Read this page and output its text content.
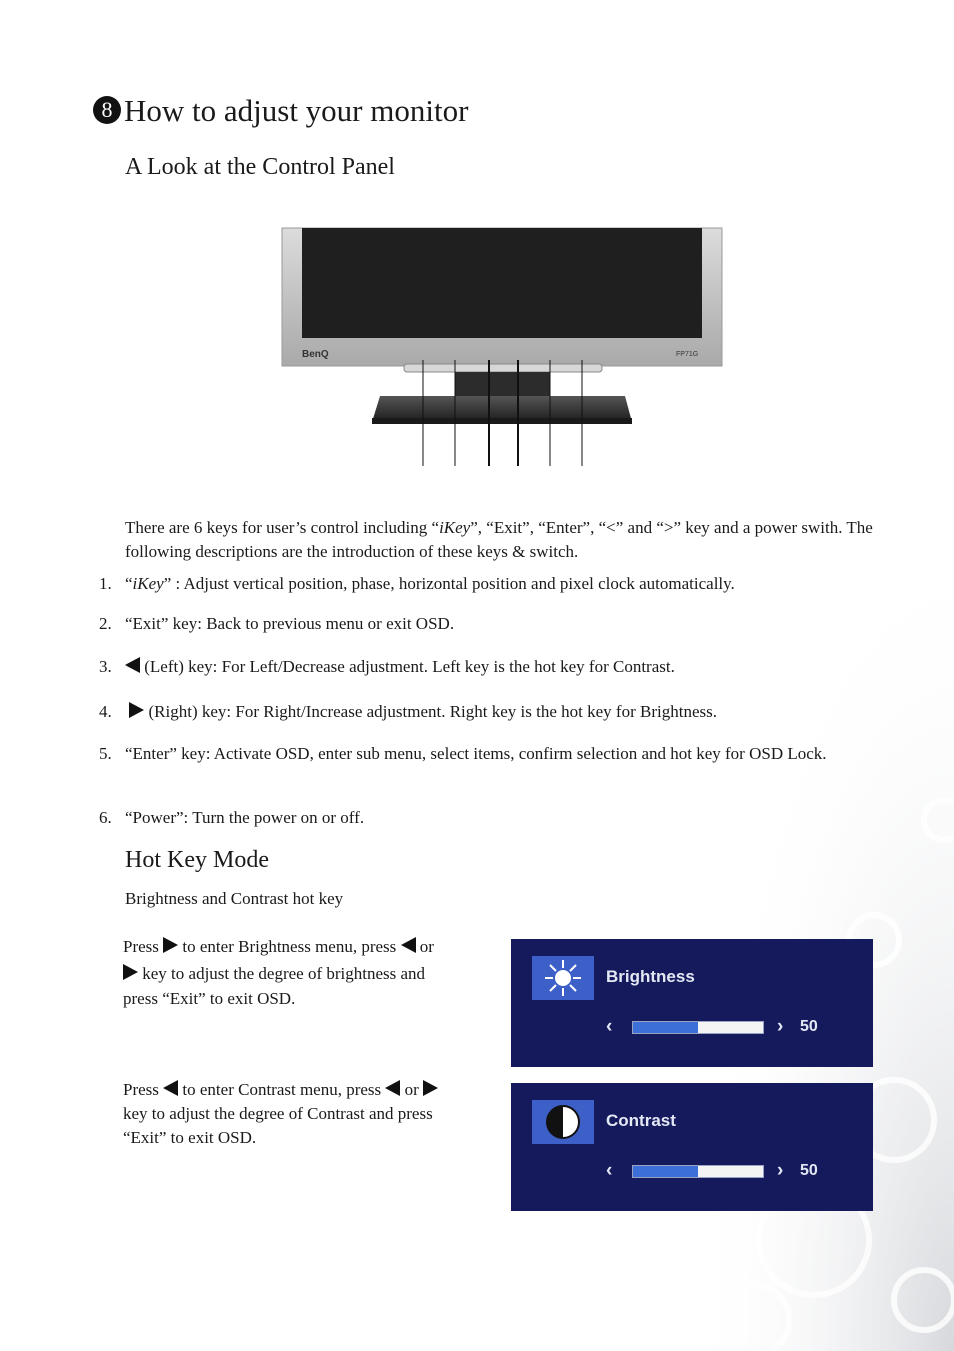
8 How to adjust your monitor
A Look at the Control Panel
BenQ	FP71G
There are 6 keys for user’s control including “iKey”, “Exit”, “Enter”, “<” and “>” key and a power swith. The following descriptions are the introduction of these keys & switch.
1. “iKey” : Adjust vertical position, phase, horizontal position and pixel clock automatically.
2. “Exit” key: Back to previous menu or exit OSD.
3.	(Left) key: For Left/Decrease adjustment. Left key is the hot key for Contrast.
4.	(Right) key: For Right/Increase adjustment. Right key is the hot key for Brightness.
5. “Enter” key: Activate OSD, enter sub menu, select items, confirm selection and hot key for OSD Lock.
6. “Power”: Turn the power on or off.
Hot Key Mode
Brightness and Contrast hot key
Press to enter Brightness menu, press or
key to adjust the degree of brightness and
press “Exit” to exit OSD.
Brightness
‹	› 50
Press to enter Contrast menu, press or
key to adjust the degree of Contrast and press
“Exit” to exit OSD.
Contrast
‹	› 50
